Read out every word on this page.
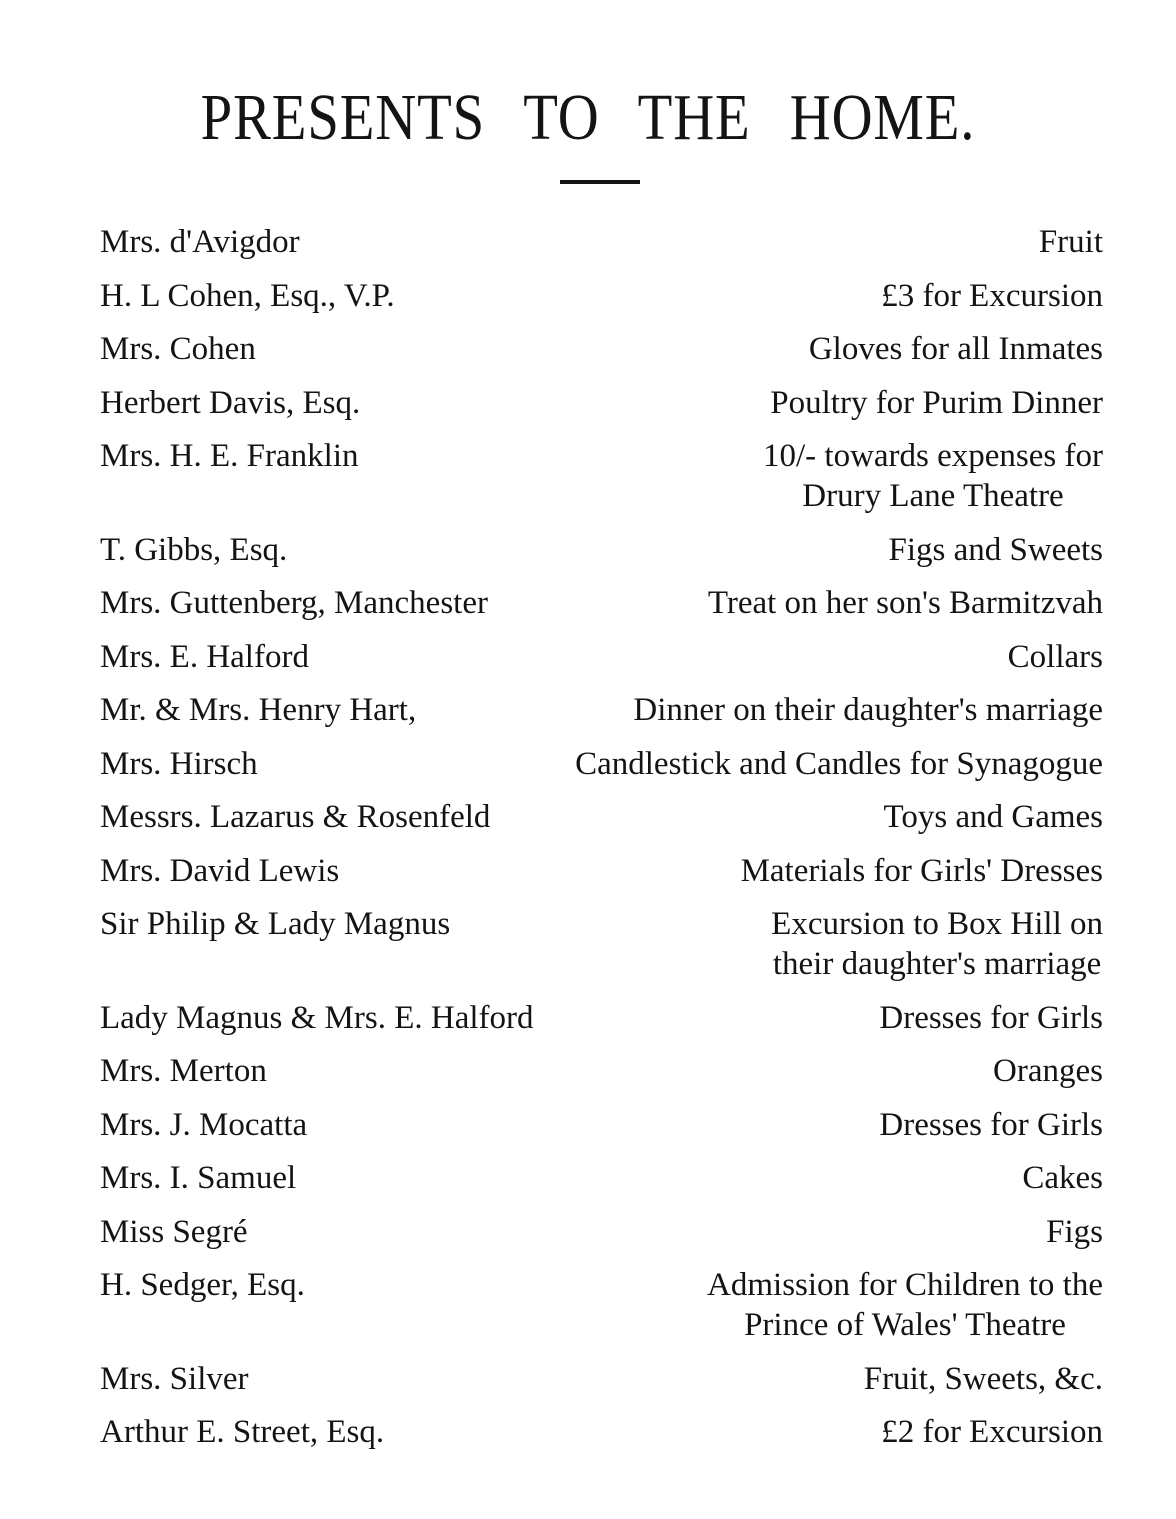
PRESENTS TO THE HOME.
Mrs. d'Avigdor	Fruit
H. L Cohen, Esq., V.P.	£3 for Excursion
Mrs. Cohen	Gloves for all Inmates
Herbert Davis, Esq.	Poultry for Purim Dinner
Mrs. H. E. Franklin	10/- towards expenses for
Drury Lane Theatre
T. Gibbs, Esq.	Figs and Sweets
Mrs. Guttenberg, Manchester	Treat on her son's Barmitzvah
Mrs. E. Halford	Collars
Mr. & Mrs. Henry Hart,	Dinner on their daughter's marriage
Mrs. Hirsch	Candlestick and Candles for Synagogue
Messrs. Lazarus & Rosenfeld	Toys and Games
Mrs. David Lewis	Materials for Girls' Dresses
Sir Philip & Lady Magnus	Excursion to Box Hill on
their daughter's marriage
Lady Magnus & Mrs. E. Halford	Dresses for Girls
Mrs. Merton	Oranges
Mrs. J. Mocatta	Dresses for Girls
Mrs. I. Samuel	Cakes
Miss Segré	Figs
H. Sedger, Esq.	Admission for Children to the
Prince of Wales' Theatre
Mrs. Silver	Fruit, Sweets, &c.
Arthur E. Street, Esq.	£2 for Excursion
